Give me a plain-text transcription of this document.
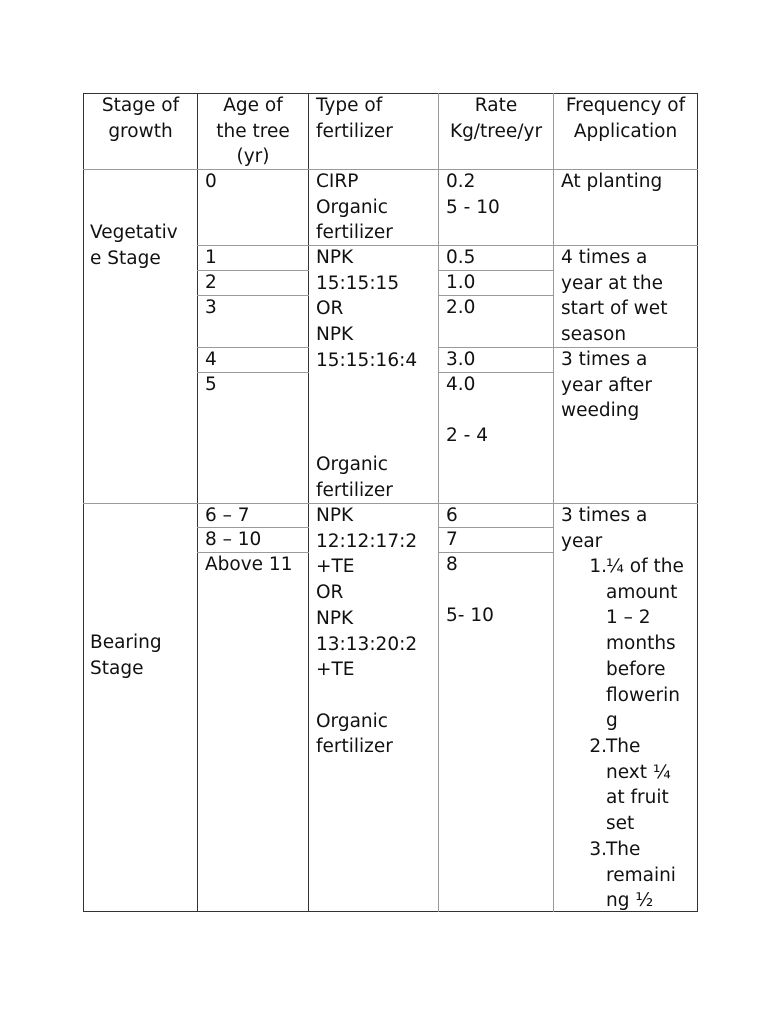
Stage of
growth
Age of
the tree
(yr)
Type of
fertilizer
Rate
Kg/tree/yr
Frequency of
Application
Vegetativ
e Stage
0
1
2
3
4
5
CIRP
Organic
fertilizer
NPK
15:15:15
OR
NPK
15:15:16:4
Organic
fertilizer
0.2
5 - 10
0.5
1.0
2.0
3.0
4.0

2 - 4
At planting
4 times a
year at the
start of wet
season
3 times a
year after
weeding
Bearing
Stage
6 – 7
8 – 10
Above 11
NPK
12:12:17:2
+TE
OR
NPK
13:13:20:2
+TE

Organic
fertilizer
6
7
8

5- 10
3 times a
year
1. ¼ of the
amount
1 – 2
months
before
flowerin
g
2. The
next ¼
at fruit
set
3. The
remaini
ng ½
